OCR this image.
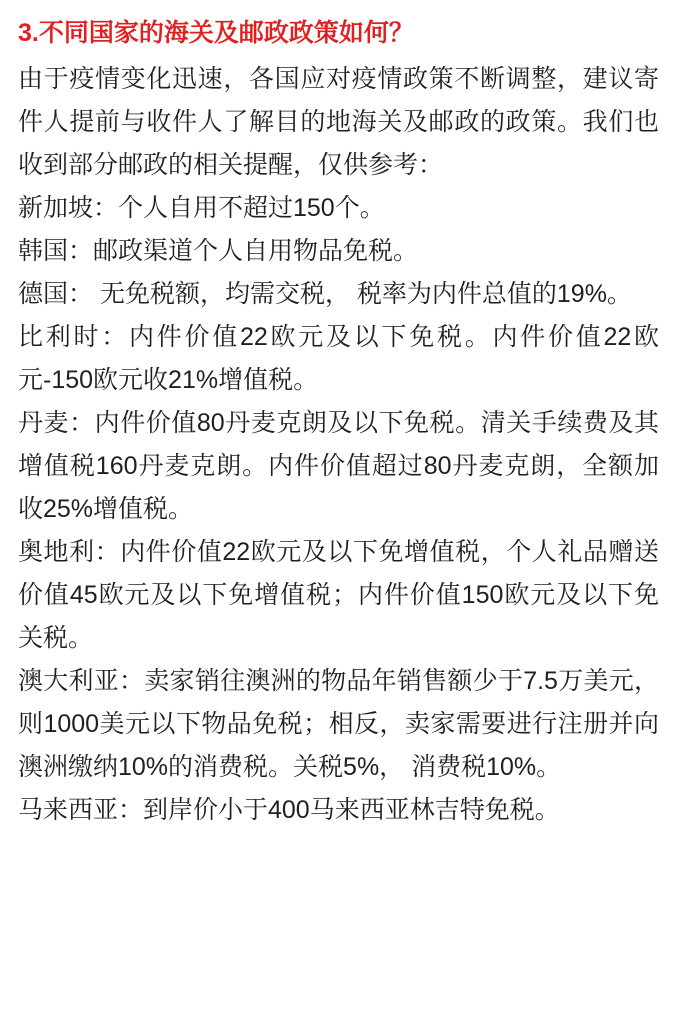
3.不同国家的海关及邮政政策如何？

由于疫情变化迅速，各国应对疫情政策不断调整，建议寄件人提前与收件人了解目的地海关及邮政的政策。我们也收到部分邮政的相关提醒，仅供参考：

新加坡：个人自用不超过150个。

韩国：邮政渠道个人自用物品免税。

德国： 无免税额，均需交税， 税率为内件总值的19%。

比利时：内件价值22欧元及以下免税。内件价值22欧元-150欧元收21%增值税。

丹麦：内件价值80丹麦克朗及以下免税。清关手续费及其增值税160丹麦克朗。内件价值超过80丹麦克朗，全额加收25%增值税。

奥地利：内件价值22欧元及以下免增值税，个人礼品赠送价值45欧元及以下免增值税；内件价值150欧元及以下免关税。

澳大利亚：卖家销往澳洲的物品年销售额少于7.5万美元，则1000美元以下物品免税；相反，卖家需要进行注册并向澳洲缴纳10%的消费税。关税5%， 消费税10%。

马来西亚：到岸价小于400马来西亚林吉特免税。
